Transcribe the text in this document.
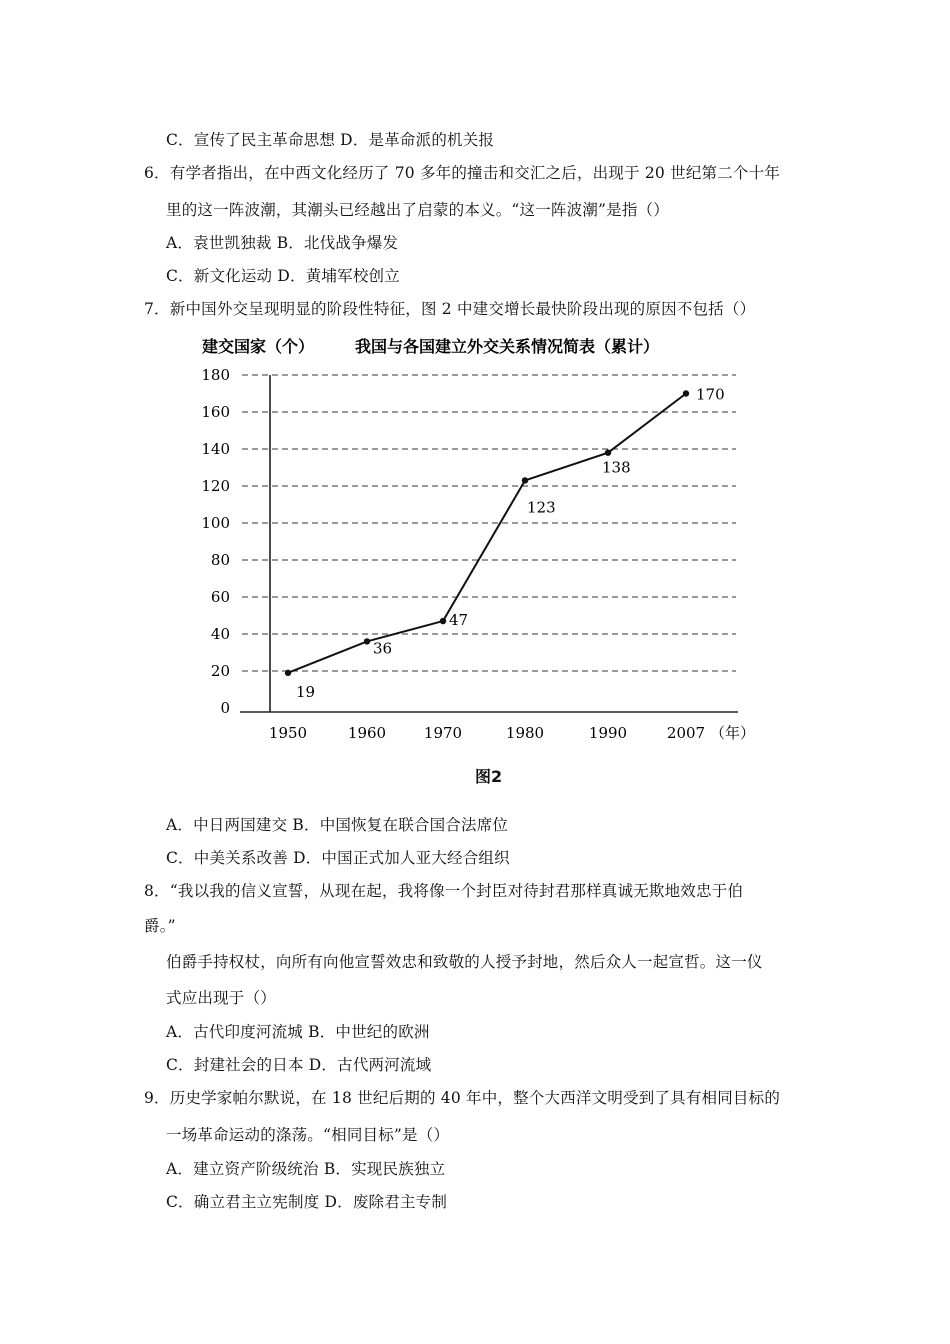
C．宣传了民主革命思想 D．是革命派的机关报
6．有学者指出，在中西文化经历了 70 多年的撞击和交汇之后，出现于 20 世纪第二个十年
里的这一阵波潮，其潮头已经越出了启蒙的本义。“这一阵波潮”是指（）
A．袁世凯独裁 B．北伐战争爆发
C．新文化运动 D．黄埔军校创立
7．新中国外交呈现明显的阶段性特征，图 2 中建交增长最快阶段出现的原因不包括（）
建交国家（个）	我国与各国建立外交关系情况简表（累计）
0
20
40
60
80
100
120
140
160
180
1950	1960	1970	1980	1990	2007 （年）
19
36
47
123
138
170
图2
A．中日两国建交 B．中国恢复在联合国合法席位
C．中美关系改善 D．中国正式加人亚大经合组织
8．“我以我的信义宣誓，从现在起，我将像一个封臣对待封君那样真诚无欺地效忠于伯
爵。”
伯爵手持权杖，向所有向他宣誓效忠和致敬的人授予封地，然后众人一起宣哲。这一仪
式应出现于（）
A．古代印度河流城 B．中世纪的欧洲
C．封建社会的日本 D．古代两河流域
9．历史学家帕尔默说，在 18 世纪后期的 40 年中，整个大西洋文明受到了具有相同目标的
一场革命运动的涤荡。“相同目标”是（）
A．建立资产阶级统治 B．实现民族独立
C．确立君主立宪制度 D．废除君主专制
